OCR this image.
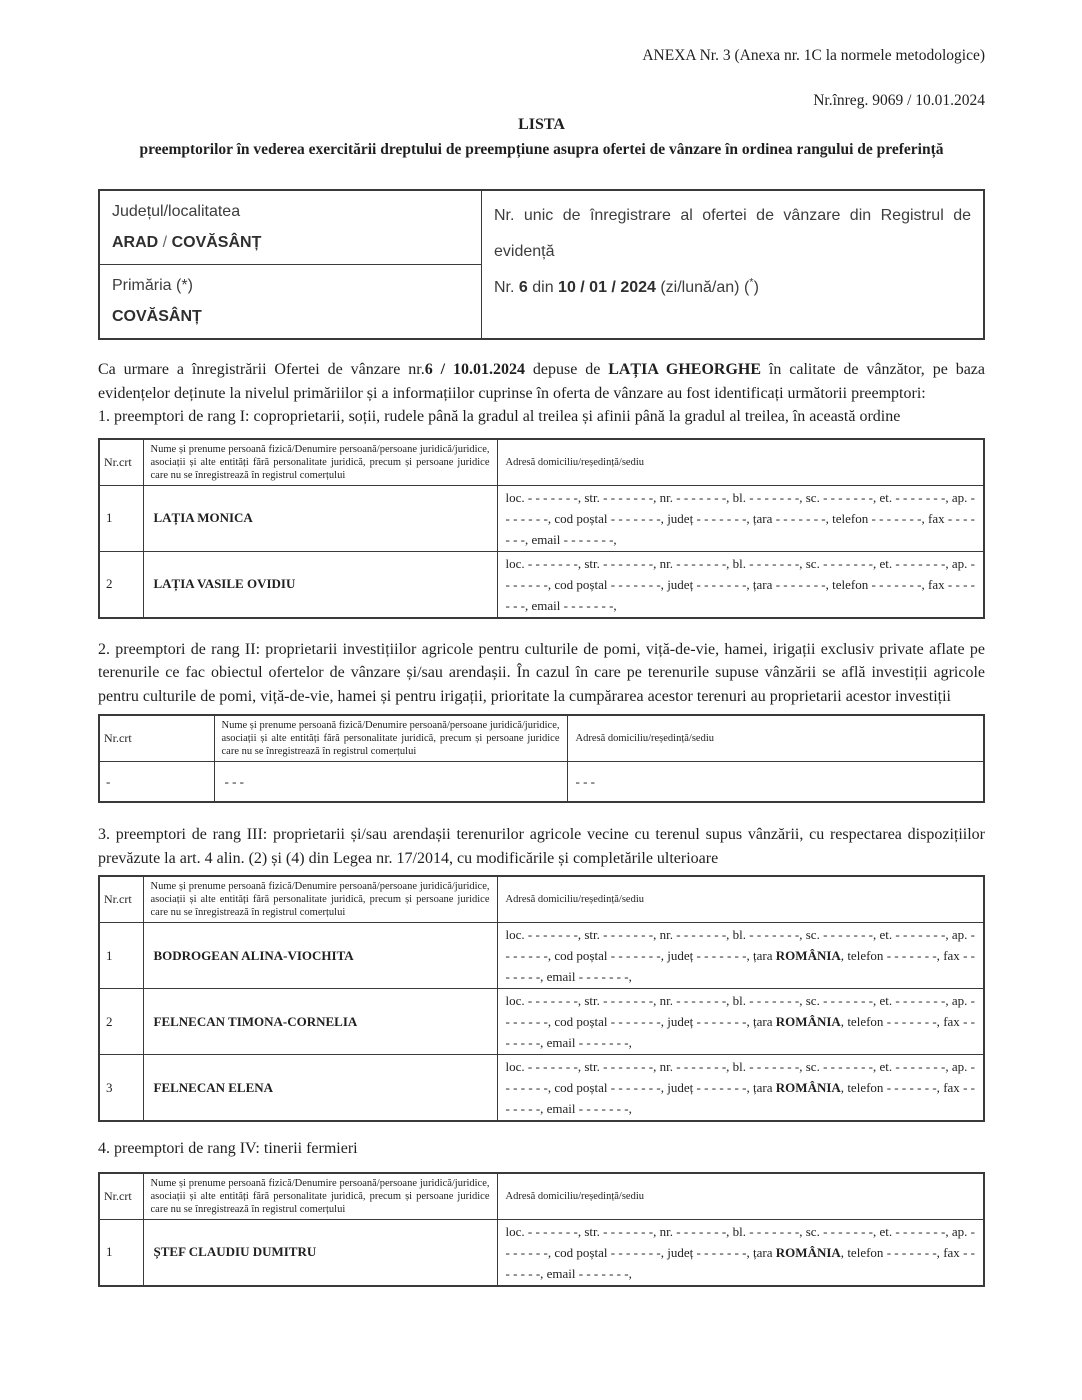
ANEXA Nr. 3 (Anexa nr. 1C la normele metodologice)
Nr.înreg. 9069 / 10.01.2024
LISTA
preemptorilor în vederea exercitării dreptului de preempțiune asupra ofertei de vânzare în ordinea rangului de preferință
Județul/localitatea
ARAD / COVĂSÂNȚ	

Nr. unic de înregistrare al ofertei de vânzare din Registrul de evidență

Nr. 6 din 10 / 01 / 2024 (zi/lună/an) (*)

Primăria (*)
COVĂSÂNȚ

Ca urmare a înregistrării Ofertei de vânzare nr.6 / 10.01.2024 depuse de LAȚIA GHEORGHE în calitate de vânzător, pe baza evidențelor deținute la nivelul primăriilor și a informațiilor cuprinse în oferta de vânzare au fost identificați următorii preemptori:

1. preemptori de rang I: coproprietarii, soții, rudele până la gradul al treilea și afinii până la gradul al treilea, în această ordine

Nr.crt	Nume și prenume persoană fizică/Denumire persoană/persoane juridică/juridice, asociații și alte entități fără personalitate juridică, precum și persoane juridice care nu se înregistrează în registrul comerțului	Adresă domiciliu/reședință/sediu
1	LAȚIA MONICA	loc. - - - - - - -, str. - - - - - - -, nr. - - - - - - -, bl. - - - - - - -, sc. - - - - - - -, et. - - - - - - -, ap. - - - - - - -, cod poștal - - - - - - -, județ - - - - - - -, țara - - - - - - -, telefon - - - - - - -, fax - - - - - - -, email - - - - - - -,
2	LAȚIA VASILE OVIDIU	loc. - - - - - - -, str. - - - - - - -, nr. - - - - - - -, bl. - - - - - - -, sc. - - - - - - -, et. - - - - - - -, ap. - - - - - - -, cod poștal - - - - - - -, județ - - - - - - -, țara - - - - - - -, telefon - - - - - - -, fax - - - - - - -, email - - - - - - -,

2. preemptori de rang II: proprietarii investițiilor agricole pentru culturile de pomi, viță-de-vie, hamei, irigații exclusiv private aflate pe terenurile ce fac obiectul ofertelor de vânzare și/sau arendașii. În cazul în care pe terenurile supuse vânzării se află investiții agricole pentru culturile de pomi, viță-de-vie, hamei și pentru irigații, prioritate la cumpărarea acestor terenuri au proprietarii acestor investiții

Nr.crt	Nume și prenume persoană fizică/Denumire persoană/persoane juridică/juridice, asociații și alte entități fără personalitate juridică, precum și persoane juridice care nu se înregistrează în registrul comerțului	Adresă domiciliu/reședință/sediu
-	- - -	- - -

3. preemptori de rang III: proprietarii și/sau arendașii terenurilor agricole vecine cu terenul supus vânzării, cu respectarea dispozițiilor prevăzute la art. 4 alin. (2) și (4) din Legea nr. 17/2014, cu modificările și completările ulterioare

Nr.crt	Nume și prenume persoană fizică/Denumire persoană/persoane juridică/juridice, asociații și alte entități fără personalitate juridică, precum și persoane juridice care nu se înregistrează în registrul comerțului	Adresă domiciliu/reședință/sediu
1	BODROGEAN ALINA-VIOCHITA	loc. - - - - - - -, str. - - - - - - -, nr. - - - - - - -, bl. - - - - - - -, sc. - - - - - - -, et. - - - - - - -, ap. - - - - - - -, cod poștal - - - - - - -, județ - - - - - - -, țara ROMÂNIA, telefon - - - - - - -, fax - - - - - - -, email - - - - - - -,
2	FELNECAN TIMONA-CORNELIA	loc. - - - - - - -, str. - - - - - - -, nr. - - - - - - -, bl. - - - - - - -, sc. - - - - - - -, et. - - - - - - -, ap. - - - - - - -, cod poștal - - - - - - -, județ - - - - - - -, țara ROMÂNIA, telefon - - - - - - -, fax - - - - - - -, email - - - - - - -,
3	FELNECAN ELENA	loc. - - - - - - -, str. - - - - - - -, nr. - - - - - - -, bl. - - - - - - -, sc. - - - - - - -, et. - - - - - - -, ap. - - - - - - -, cod poștal - - - - - - -, județ - - - - - - -, țara ROMÂNIA, telefon - - - - - - -, fax - - - - - - -, email - - - - - - -,

4. preemptori de rang IV: tinerii fermieri

Nr.crt	Nume și prenume persoană fizică/Denumire persoană/persoane juridică/juridice, asociații și alte entități fără personalitate juridică, precum și persoane juridice care nu se înregistrează în registrul comerțului	Adresă domiciliu/reședință/sediu
1	ȘTEF CLAUDIU DUMITRU	loc. - - - - - - -, str. - - - - - - -, nr. - - - - - - -, bl. - - - - - - -, sc. - - - - - - -, et. - - - - - - -, ap. - - - - - - -, cod poștal - - - - - - -, județ - - - - - - -, țara ROMÂNIA, telefon - - - - - - -, fax - - - - - - -, email - - - - - - -,
